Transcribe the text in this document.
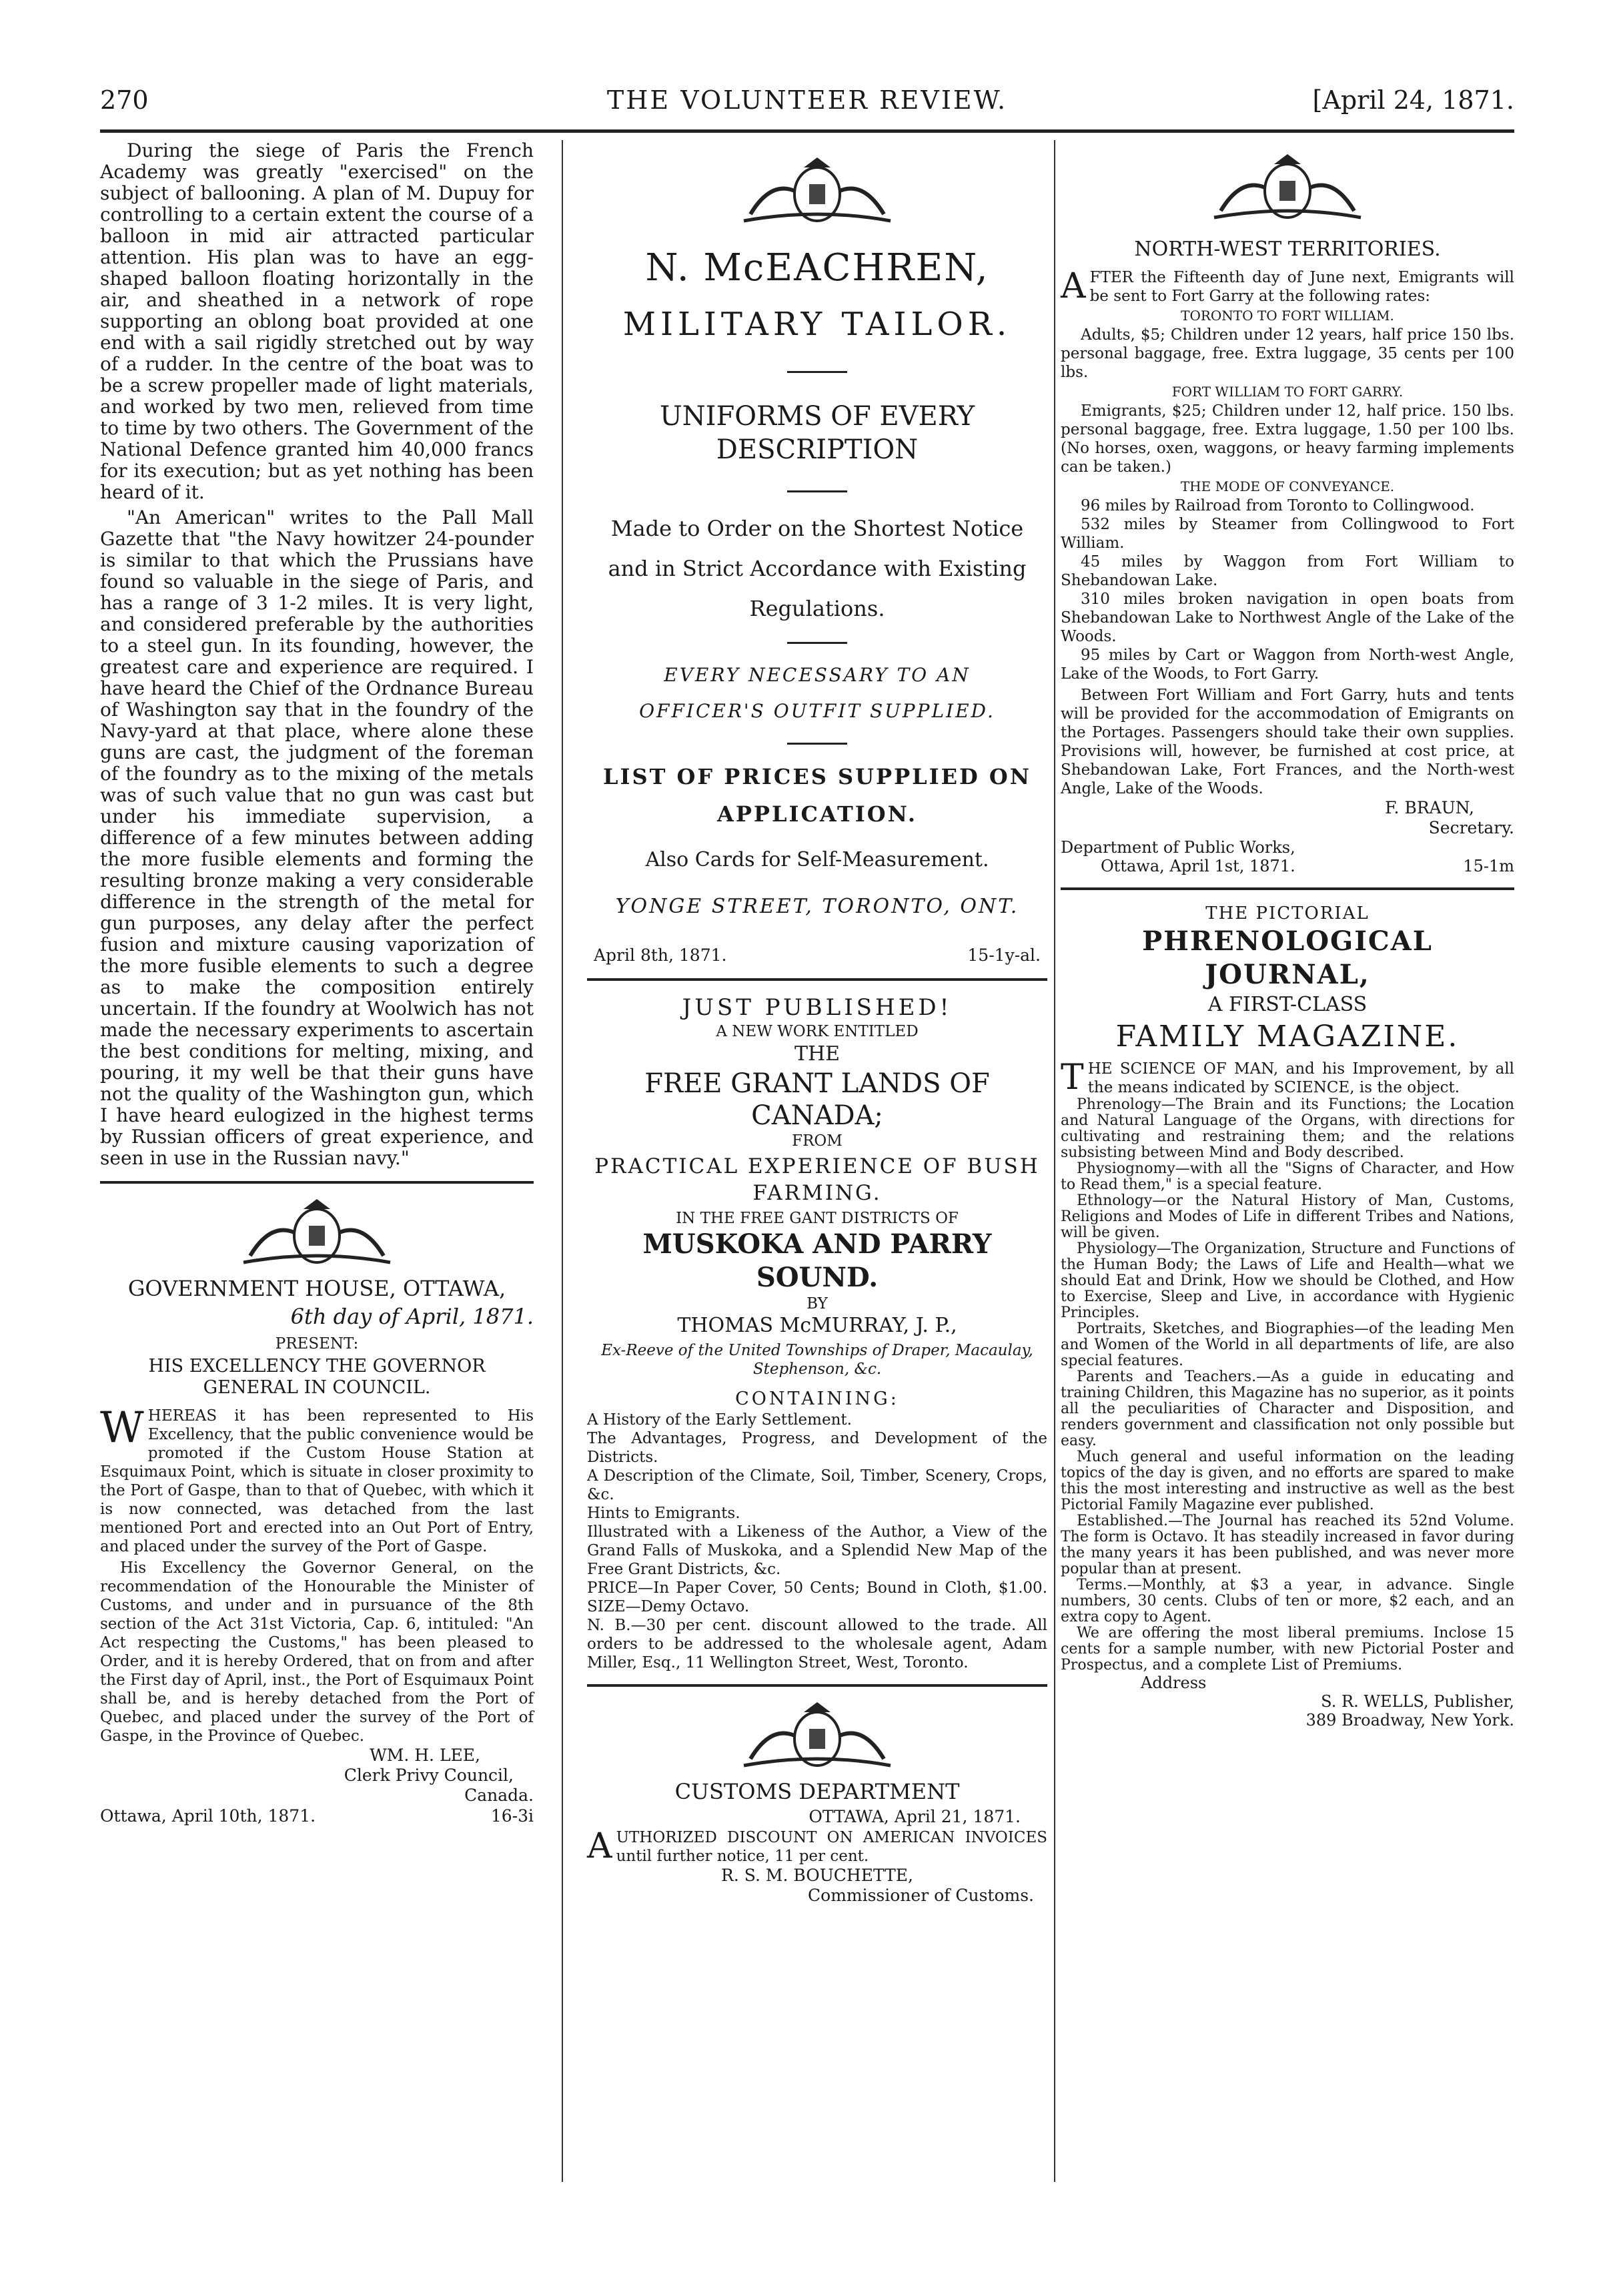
270	THE VOLUNTEER REVIEW.	[April 24, 1871.

During the siege of Paris the French Academy was greatly "exercised" on the subject of ballooning. A plan of M. Dupuy for controlling to a certain extent the course of a balloon in mid air attracted particular attention. His plan was to have an egg-shaped balloon floating horizontally in the air, and sheathed in a network of rope supporting an oblong boat provided at one end with a sail rigidly stretched out by way of a rudder. In the centre of the boat was to be a screw propeller made of light materials, and worked by two men, relieved from time to time by two others. The Government of the National Defence granted him 40,000 francs for its execution; but as yet nothing has been heard of it.

"An American" writes to the Pall Mall Gazette that "the Navy howitzer 24-pounder is similar to that which the Prussians have found so valuable in the siege of Paris, and has a range of 3 1-2 miles. It is very light, and considered preferable by the authorities to a steel gun. In its founding, however, the greatest care and experience are required. I have heard the Chief of the Ordnance Bureau of Washington say that in the foundry of the Navy-yard at that place, where alone these guns are cast, the judgment of the foreman of the foundry as to the mixing of the metals was of such value that no gun was cast but under his immediate supervision, a difference of a few minutes between adding the more fusible elements and forming the resulting bronze making a very considerable difference in the strength of the metal for gun purposes, any delay after the perfect fusion and mixture causing vaporization of the more fusible elements to such a degree as to make the composition entirely uncertain. If the foundry at Woolwich has not made the necessary experiments to ascertain the best conditions for melting, mixing, and pouring, it my well be that their guns have not the quality of the Washington gun, which I have heard eulogized in the highest terms by Russian officers of great experience, and seen in use in the Russian navy."

GOVERNMENT HOUSE, OTTAWA,
6th day of April, 1871.
PRESENT:
HIS EXCELLENCY THE GOVERNOR GENERAL IN COUNCIL.
WHEREAS it has been represented to His Excellency, that the public convenience would be promoted if the Custom House Station at Esquimaux Point, which is situate in closer proximity to the Port of Gaspe, than to that of Quebec, with which it is now connected, was detached from the last mentioned Port and erected into an Out Port of Entry, and placed under the survey of the Port of Gaspe.
His Excellency the Governor General, on the recommendation of the Honourable the Minister of Customs, and under and in pursuance of the 8th section of the Act 31st Victoria, Cap. 6, intituled: "An Act respecting the Customs," has been pleased to Order, and it is hereby Ordered, that on from and after the First day of April, inst., the Port of Esquimaux Point shall be, and is hereby detached from the Port of Quebec, and placed under the survey of the Port of Gaspe, in the Province of Quebec.
WM. H. LEE,
Clerk Privy Council,
Canada.
Ottawa, April 10th, 1871.	16-3i
N. McEACHREN,
MILITARY TAILOR.
UNIFORMS OF EVERY DESCRIPTION
Made to Order on the Shortest Notice and in Strict Accordance with Existing Regulations.
EVERY NECESSARY TO AN OFFICER'S OUTFIT SUPPLIED.
LIST OF PRICES SUPPLIED ON APPLICATION.
Also Cards for Self-Measurement.
YONGE STREET, TORONTO, ONT.
April 8th, 1871.	15-1y-al.
JUST PUBLISHED!
A NEW WORK ENTITLED
THE
FREE GRANT LANDS OF CANADA;
FROM
PRACTICAL EXPERIENCE OF BUSH FARMING.
IN THE FREE GANT DISTRICTS OF
MUSKOKA AND PARRY SOUND.
BY
THOMAS McMURRAY, J. P.,
Ex-Reeve of the United Townships of Draper, Macaulay, Stephenson, &c.
CONTAINING:
A History of the Early Settlement.
The Advantages, Progress, and Development of the Districts.
A Description of the Climate, Soil, Timber, Scenery, Crops, &c.
Hints to Emigrants.
Illustrated with a Likeness of the Author, a View of the Grand Falls of Muskoka, and a Splendid New Map of the Free Grant Districts, &c.
PRICE—In Paper Cover, 50 Cents; Bound in Cloth, $1.00. SIZE—Demy Octavo.
N. B.—30 per cent. discount allowed to the trade. All orders to be addressed to the wholesale agent, Adam Miller, Esq., 11 Wellington Street, West, Toronto.
CUSTOMS DEPARTMENT
OTTAWA, April 21, 1871.
AUTHORIZED DISCOUNT ON AMERICAN INVOICES until further notice, 11 per cent.
R. S. M. BOUCHETTE,
Commissioner of Customs.
NORTH-WEST TERRITORIES.
AFTER the Fifteenth day of June next, Emigrants will be sent to Fort Garry at the following rates:
TORONTO TO FORT WILLIAM.
Adults, $5; Children under 12 years, half price 150 lbs. personal baggage, free. Extra luggage, 35 cents per 100 lbs.
FORT WILLIAM TO FORT GARRY.
Emigrants, $25; Children under 12, half price. 150 lbs. personal baggage, free. Extra luggage, 1.50 per 100 lbs. (No horses, oxen, waggons, or heavy farming implements can be taken.)
THE MODE OF CONVEYANCE.
96 miles by Railroad from Toronto to Collingwood.
532 miles by Steamer from Collingwood to Fort William.
45 miles by Waggon from Fort William to Shebandowan Lake.
310 miles broken navigation in open boats from Shebandowan Lake to Northwest Angle of the Lake of the Woods.
95 miles by Cart or Waggon from North-west Angle, Lake of the Woods, to Fort Garry.
Between Fort William and Fort Garry, huts and tents will be provided for the accommodation of Emigrants on the Portages. Passengers should take their own supplies. Provisions will, however, be furnished at cost price, at Shebandowan Lake, Fort Frances, and the North-west Angle, Lake of the Woods.
F. BRAUN,
Secretary.
Department of Public Works,
Ottawa, April 1st, 1871.	15-1m
THE PICTORIAL
PHRENOLOGICAL JOURNAL,
A FIRST-CLASS
FAMILY MAGAZINE.
THE SCIENCE OF MAN, and his Improvement, by all the means indicated by SCIENCE, is the object.
Phrenology—The Brain and its Functions; the Location and Natural Language of the Organs, with directions for cultivating and restraining them; and the relations subsisting between Mind and Body described.
Physiognomy—with all the "Signs of Character, and How to Read them," is a special feature.
Ethnology—or the Natural History of Man, Customs, Religions and Modes of Life in different Tribes and Nations, will be given.
Physiology—The Organization, Structure and Functions of the Human Body; the Laws of Life and Health—what we should Eat and Drink, How we should be Clothed, and How to Exercise, Sleep and Live, in accordance with Hygienic Principles.
Portraits, Sketches, and Biographies—of the leading Men and Women of the World in all departments of life, are also special features.
Parents and Teachers.—As a guide in educating and training Children, this Magazine has no superior, as it points all the peculiarities of Character and Disposition, and renders government and classification not only possible but easy.
Much general and useful information on the leading topics of the day is given, and no efforts are spared to make this the most interesting and instructive as well as the best Pictorial Family Magazine ever published.
Established.—The Journal has reached its 52nd Volume. The form is Octavo. It has steadily increased in favor during the many years it has been published, and was never more popular than at present.
Terms.—Monthly, at $3 a year, in advance. Single numbers, 30 cents. Clubs of ten or more, $2 each, and an extra copy to Agent.
We are offering the most liberal premiums. Inclose 15 cents for a sample number, with new Pictorial Poster and Prospectus, and a complete List of Premiums.
Address
S. R. WELLS, Publisher,
389 Broadway, New York.
